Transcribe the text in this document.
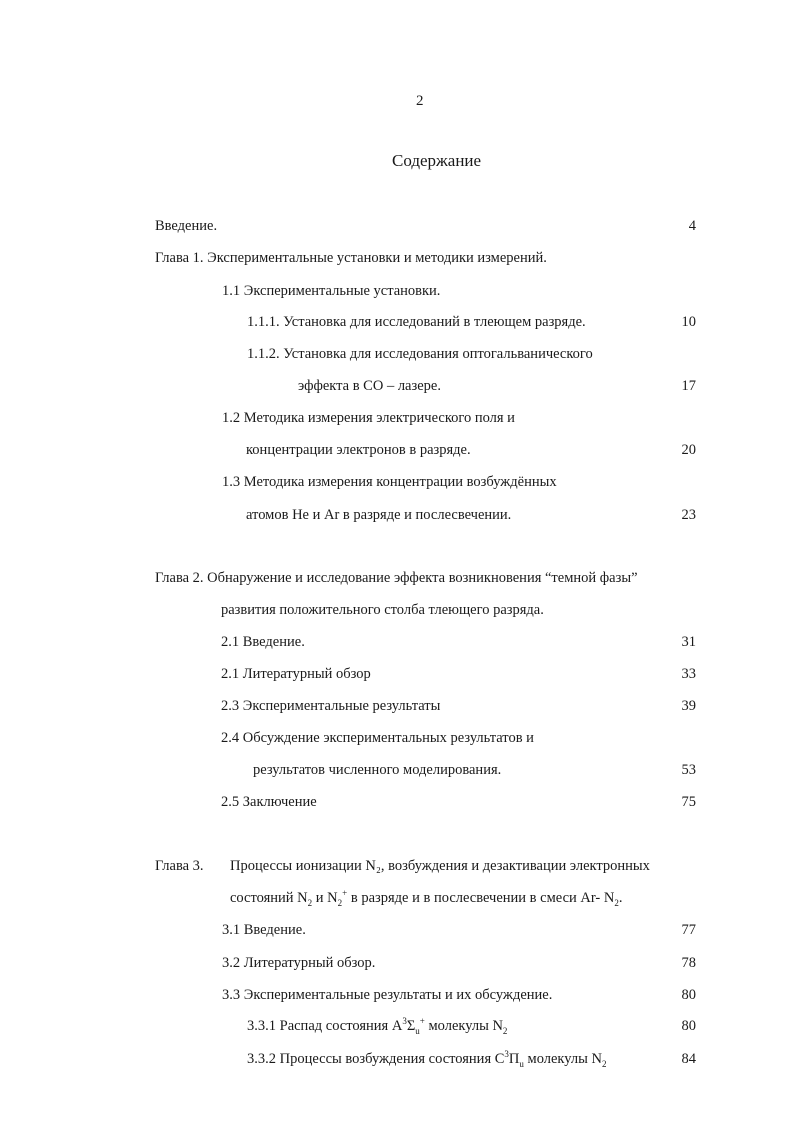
2
Содержание
Введение.	4
Глава 1. Экспериментальные установки и методики измерений.
1.1 Экспериментальные установки.
1.1.1. Установка для исследований в тлеющем разряде.	10
1.1.2. Установка для исследования оптогальванического
эффекта в CO – лазере.	17
1.2 Методика измерения электрического поля и
концентрации электронов в разряде.	20
1.3 Методика измерения концентрации возбуждённых
атомов He и Ar в разряде и послесвечении.	23
Глава 2. Обнаружение и исследование эффекта возникновения “темной фазы”
развития положительного столба тлеющего разряда.
2.1 Введение.	31
2.1 Литературный обзор	33
2.3 Экспериментальные результаты	39
2.4 Обсуждение экспериментальных результатов и
результатов численного моделирования.	53
2.5 Заключение	75
Глава 3. Процессы ионизации N₂, возбуждения и дезактивации электронных
состояний $N_2$ и $N_2^+$ в разряде и в послесвечении в смеси Ar- $N_2$.
3.1 Введение.	77
3.2 Литературный обзор.	78
3.3 Экспериментальные результаты и их обсуждение.	80
3.3.1 Распад состояния $A^3\Sigma_u^+$ молекулы $N_2$	80
3.3.2 Процессы возбуждения состояния $C^3\Pi_u$ молекулы $N_2$	84
